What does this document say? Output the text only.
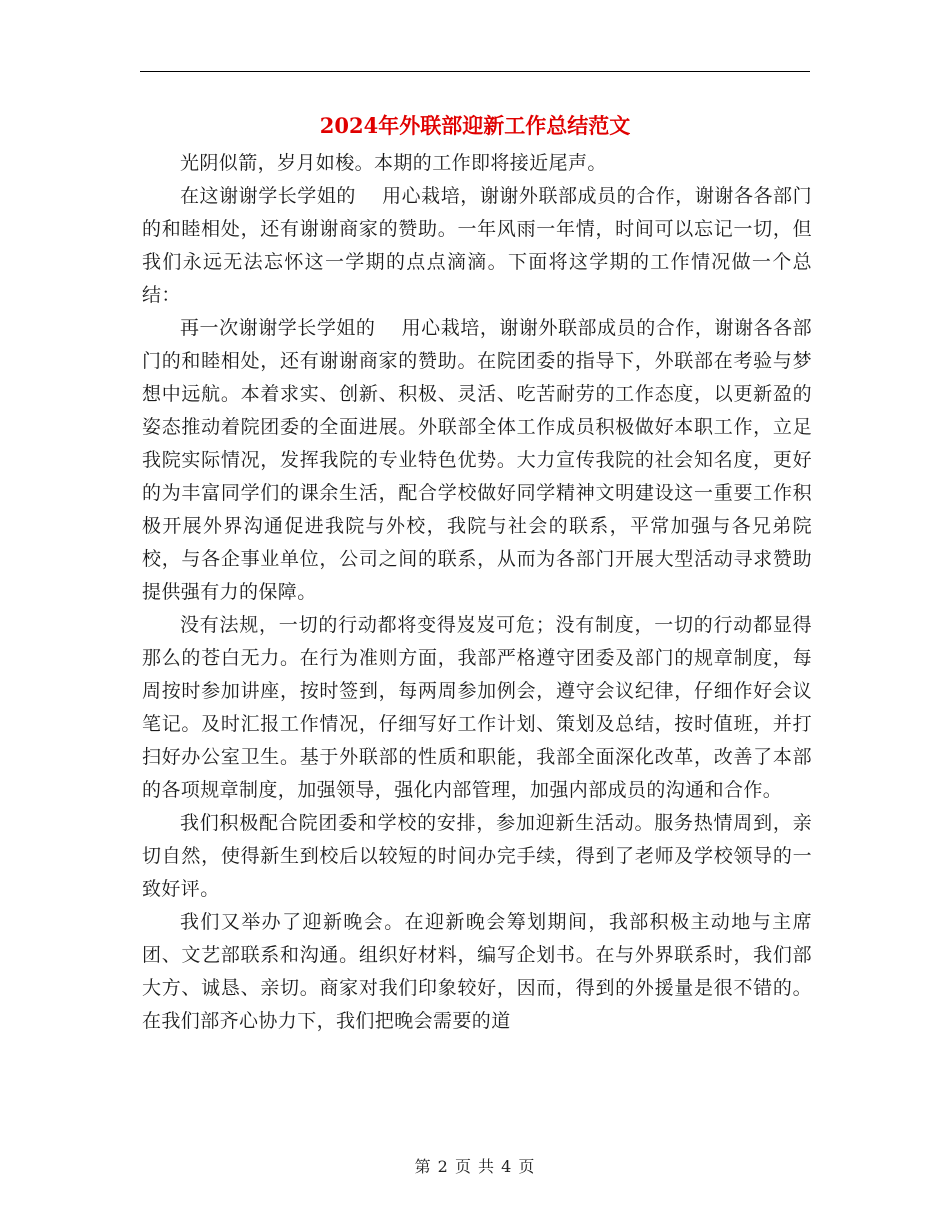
2024年外联部迎新工作总结范文

光阴似箭，岁月如梭。本期的工作即将接近尾声。

在这谢谢学长学姐的　 用心栽培，谢谢外联部成员的合作，谢谢各各部门的和睦相处，还有谢谢商家的赞助。一年风雨一年情，时间可以忘记一切，但我们永远无法忘怀这一学期的点点滴滴。下面将这学期的工作情况做一个总结：

再一次谢谢学长学姐的　 用心栽培，谢谢外联部成员的合作，谢谢各各部门的和睦相处，还有谢谢商家的赞助。在院团委的指导下，外联部在考验与梦想中远航。本着求实、创新、积极、灵活、吃苦耐劳的工作态度，以更新盈的姿态推动着院团委的全面进展。外联部全体工作成员积极做好本职工作，立足我院实际情况，发挥我院的专业特色优势。大力宣传我院的社会知名度，更好的为丰富同学们的课余生活，配合学校做好同学精神文明建设这一重要工作积极开展外界沟通促进我院与外校，我院与社会的联系，平常加强与各兄弟院校，与各企事业单位，公司之间的联系，从而为各部门开展大型活动寻求赞助提供强有力的保障。

没有法规，一切的行动都将变得岌岌可危；没有制度，一切的行动都显得那么的苍白无力。在行为准则方面，我部严格遵守团委及部门的规章制度，每周按时参加讲座，按时签到，每两周参加例会，遵守会议纪律，仔细作好会议笔记。及时汇报工作情况，仔细写好工作计划、策划及总结，按时值班，并打扫好办公室卫生。基于外联部的性质和职能，我部全面深化改革，改善了本部的各项规章制度，加强领导，强化内部管理，加强内部成员的沟通和合作。

我们积极配合院团委和学校的安排，参加迎新生活动。服务热情周到，亲切自然，使得新生到校后以较短的时间办完手续，得到了老师及学校领导的一致好评。

我们又举办了迎新晚会。在迎新晚会筹划期间，我部积极主动地与主席团、文艺部联系和沟通。组织好材料，编写企划书。在与外界联系时，我们部大方、诚恳、亲切。商家对我们印象较好，因而，得到的外援量是很不错的。在我们部齐心协力下，我们把晚会需要的道

第 2 页 共 4 页
